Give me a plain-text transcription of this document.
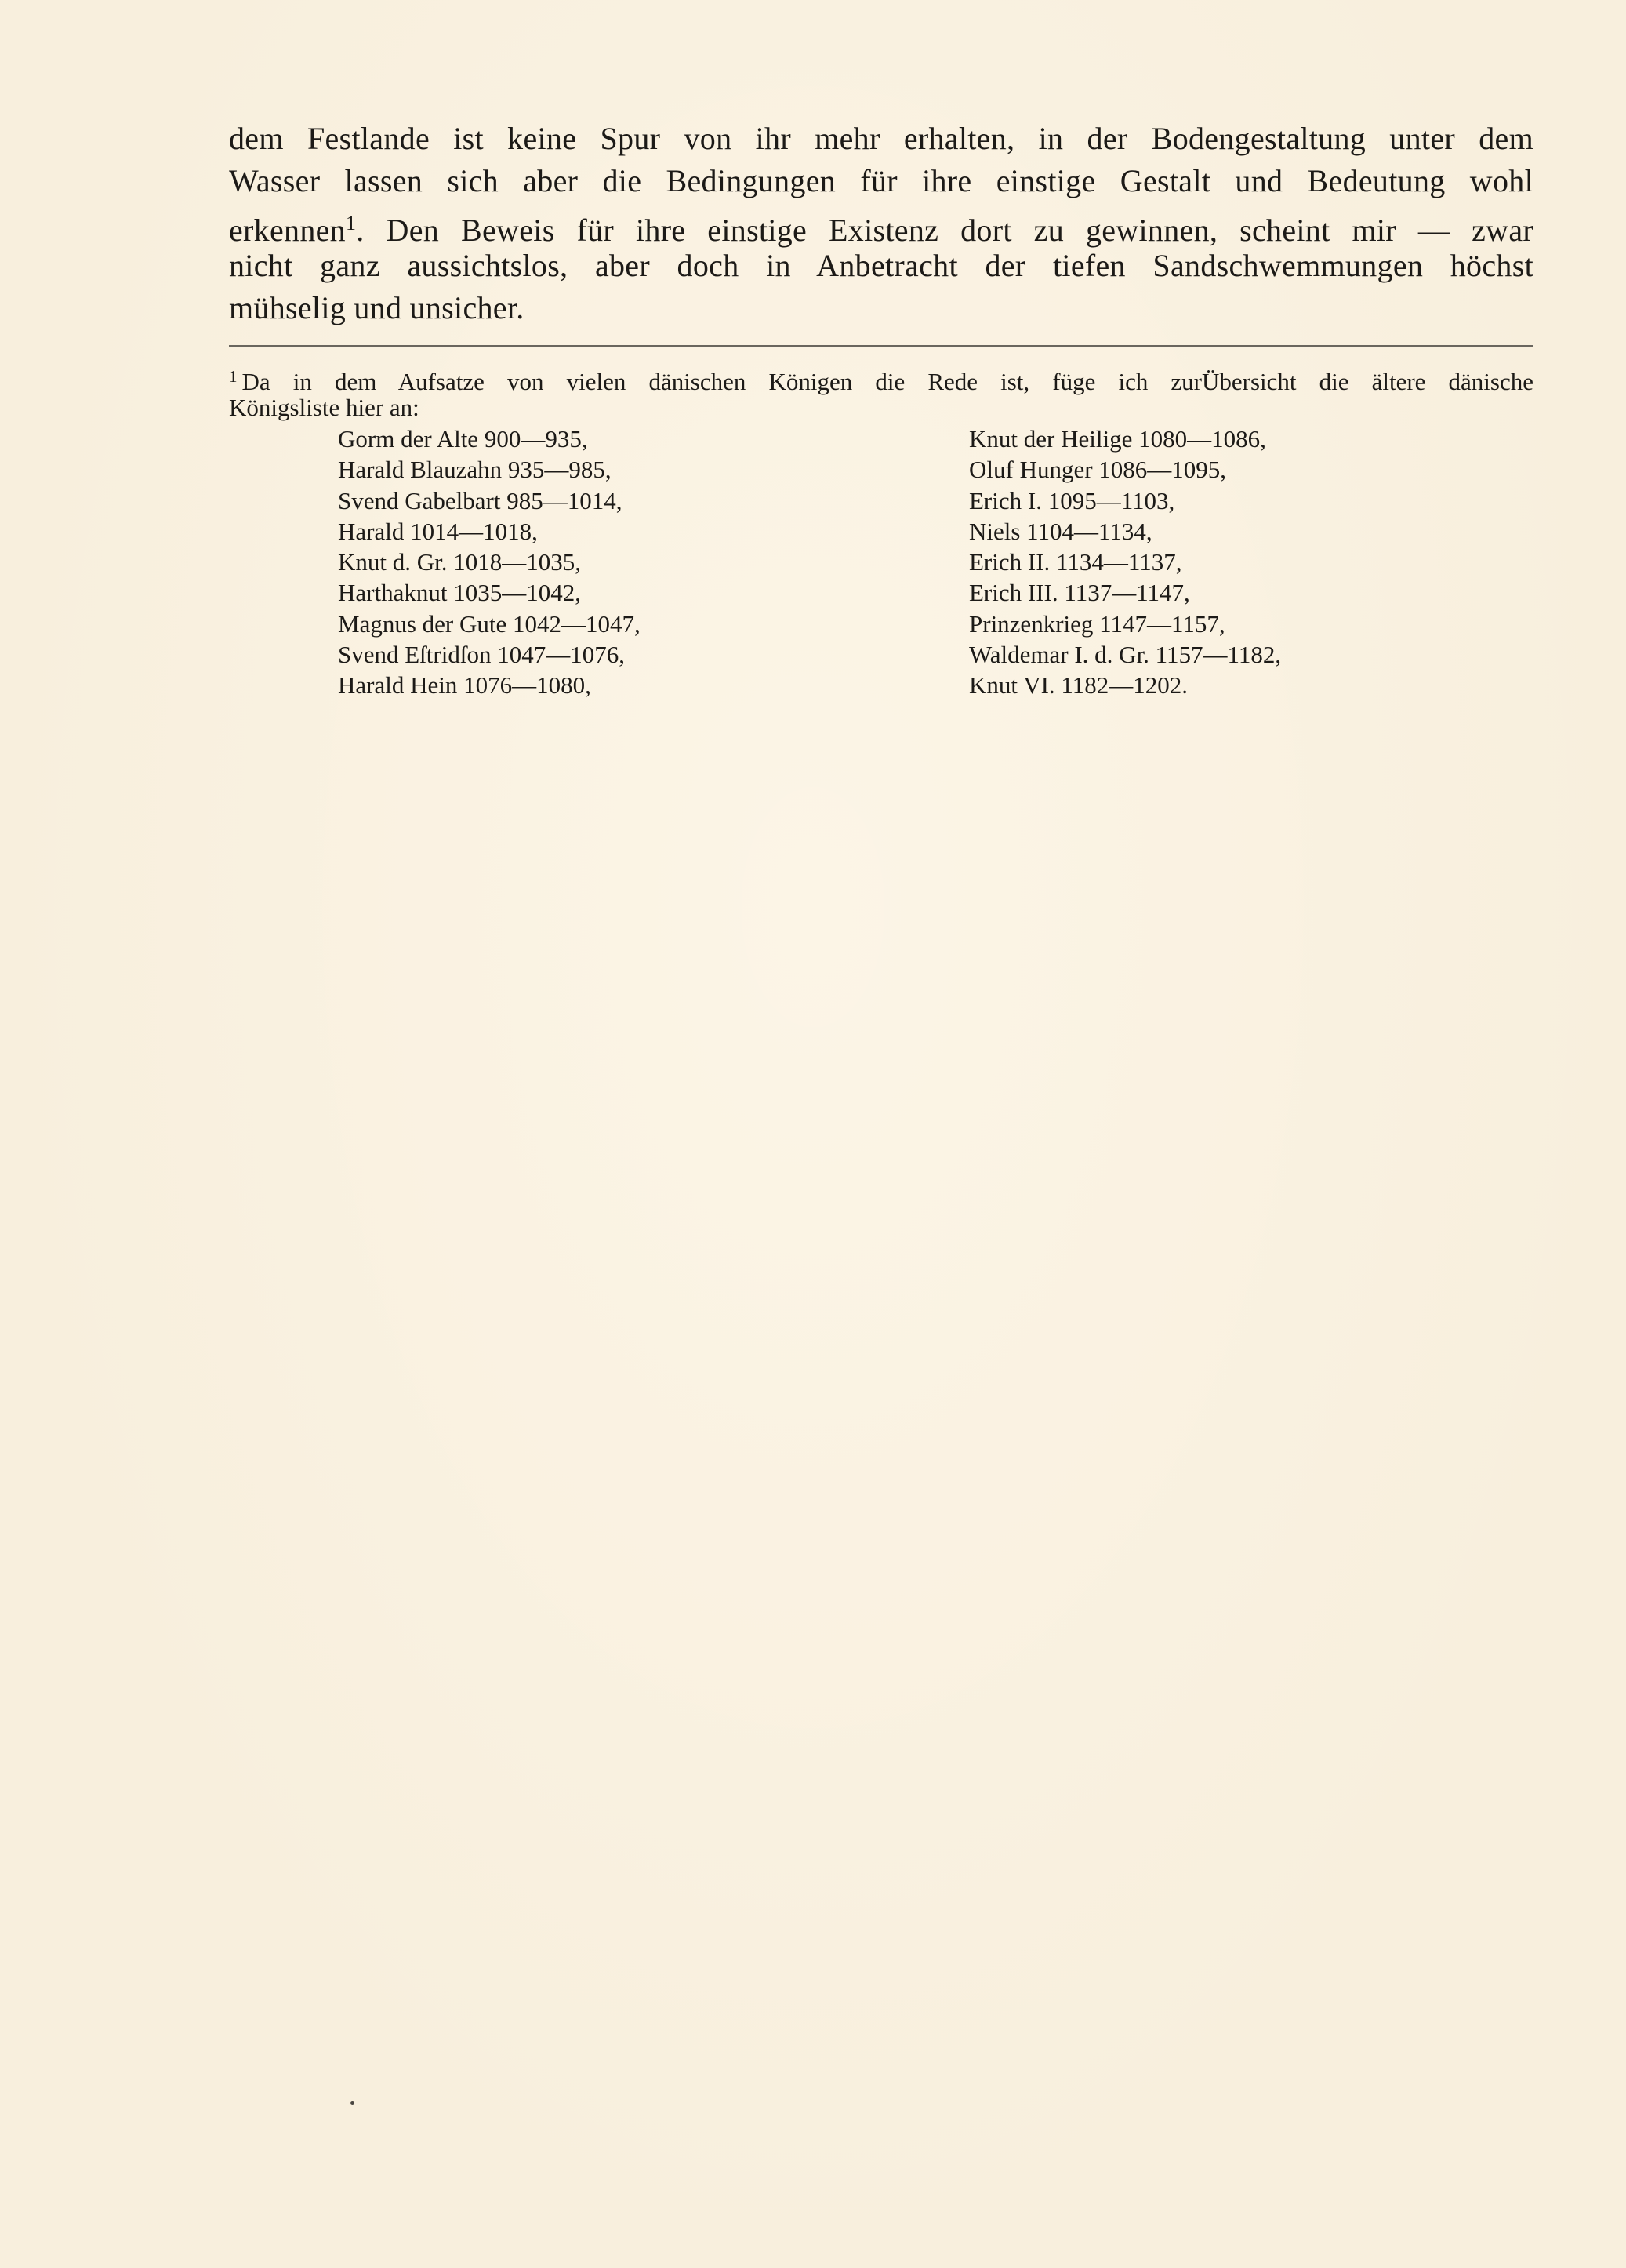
dem Festlande ist keine Spur von ihr mehr erhalten, in der Bodengestaltung unter dem
Wasser lassen sich aber die Bedingungen für ihre einstige Gestalt und Bedeutung wohl
erkennen$^1$. Den Beweis für ihre einstige Existenz dort zu gewinnen, scheint mir — zwar
nicht ganz aussichtslos, aber doch in Anbetracht der tiefen Sandschwemmungen höchst
mühselig und unsicher.
$^1$ Da in dem Aufsatze von vielen dänischen Königen die Rede ist, füge ich zurÜbersicht die ältere dänische
Königsliste hier an:
Gorm der Alte 900—935,
Harald Blauzahn 935—985,
Svend Gabelbart 985—1014,
Harald 1014—1018,
Knut d. Gr. 1018—1035,
Harthaknut 1035—1042,
Magnus der Gute 1042—1047,
Svend Eſtridſon 1047—1076,
Harald Hein 1076—1080,
Knut der Heilige 1080—1086,
Oluf Hunger 1086—1095,
Erich I. 1095—1103,
Niels 1104—1134,
Erich II. 1134—1137,
Erich III. 1137—1147,
Prinzenkrieg 1147—1157,
Waldemar I. d. Gr. 1157—1182,
Knut VI. 1182—1202.
